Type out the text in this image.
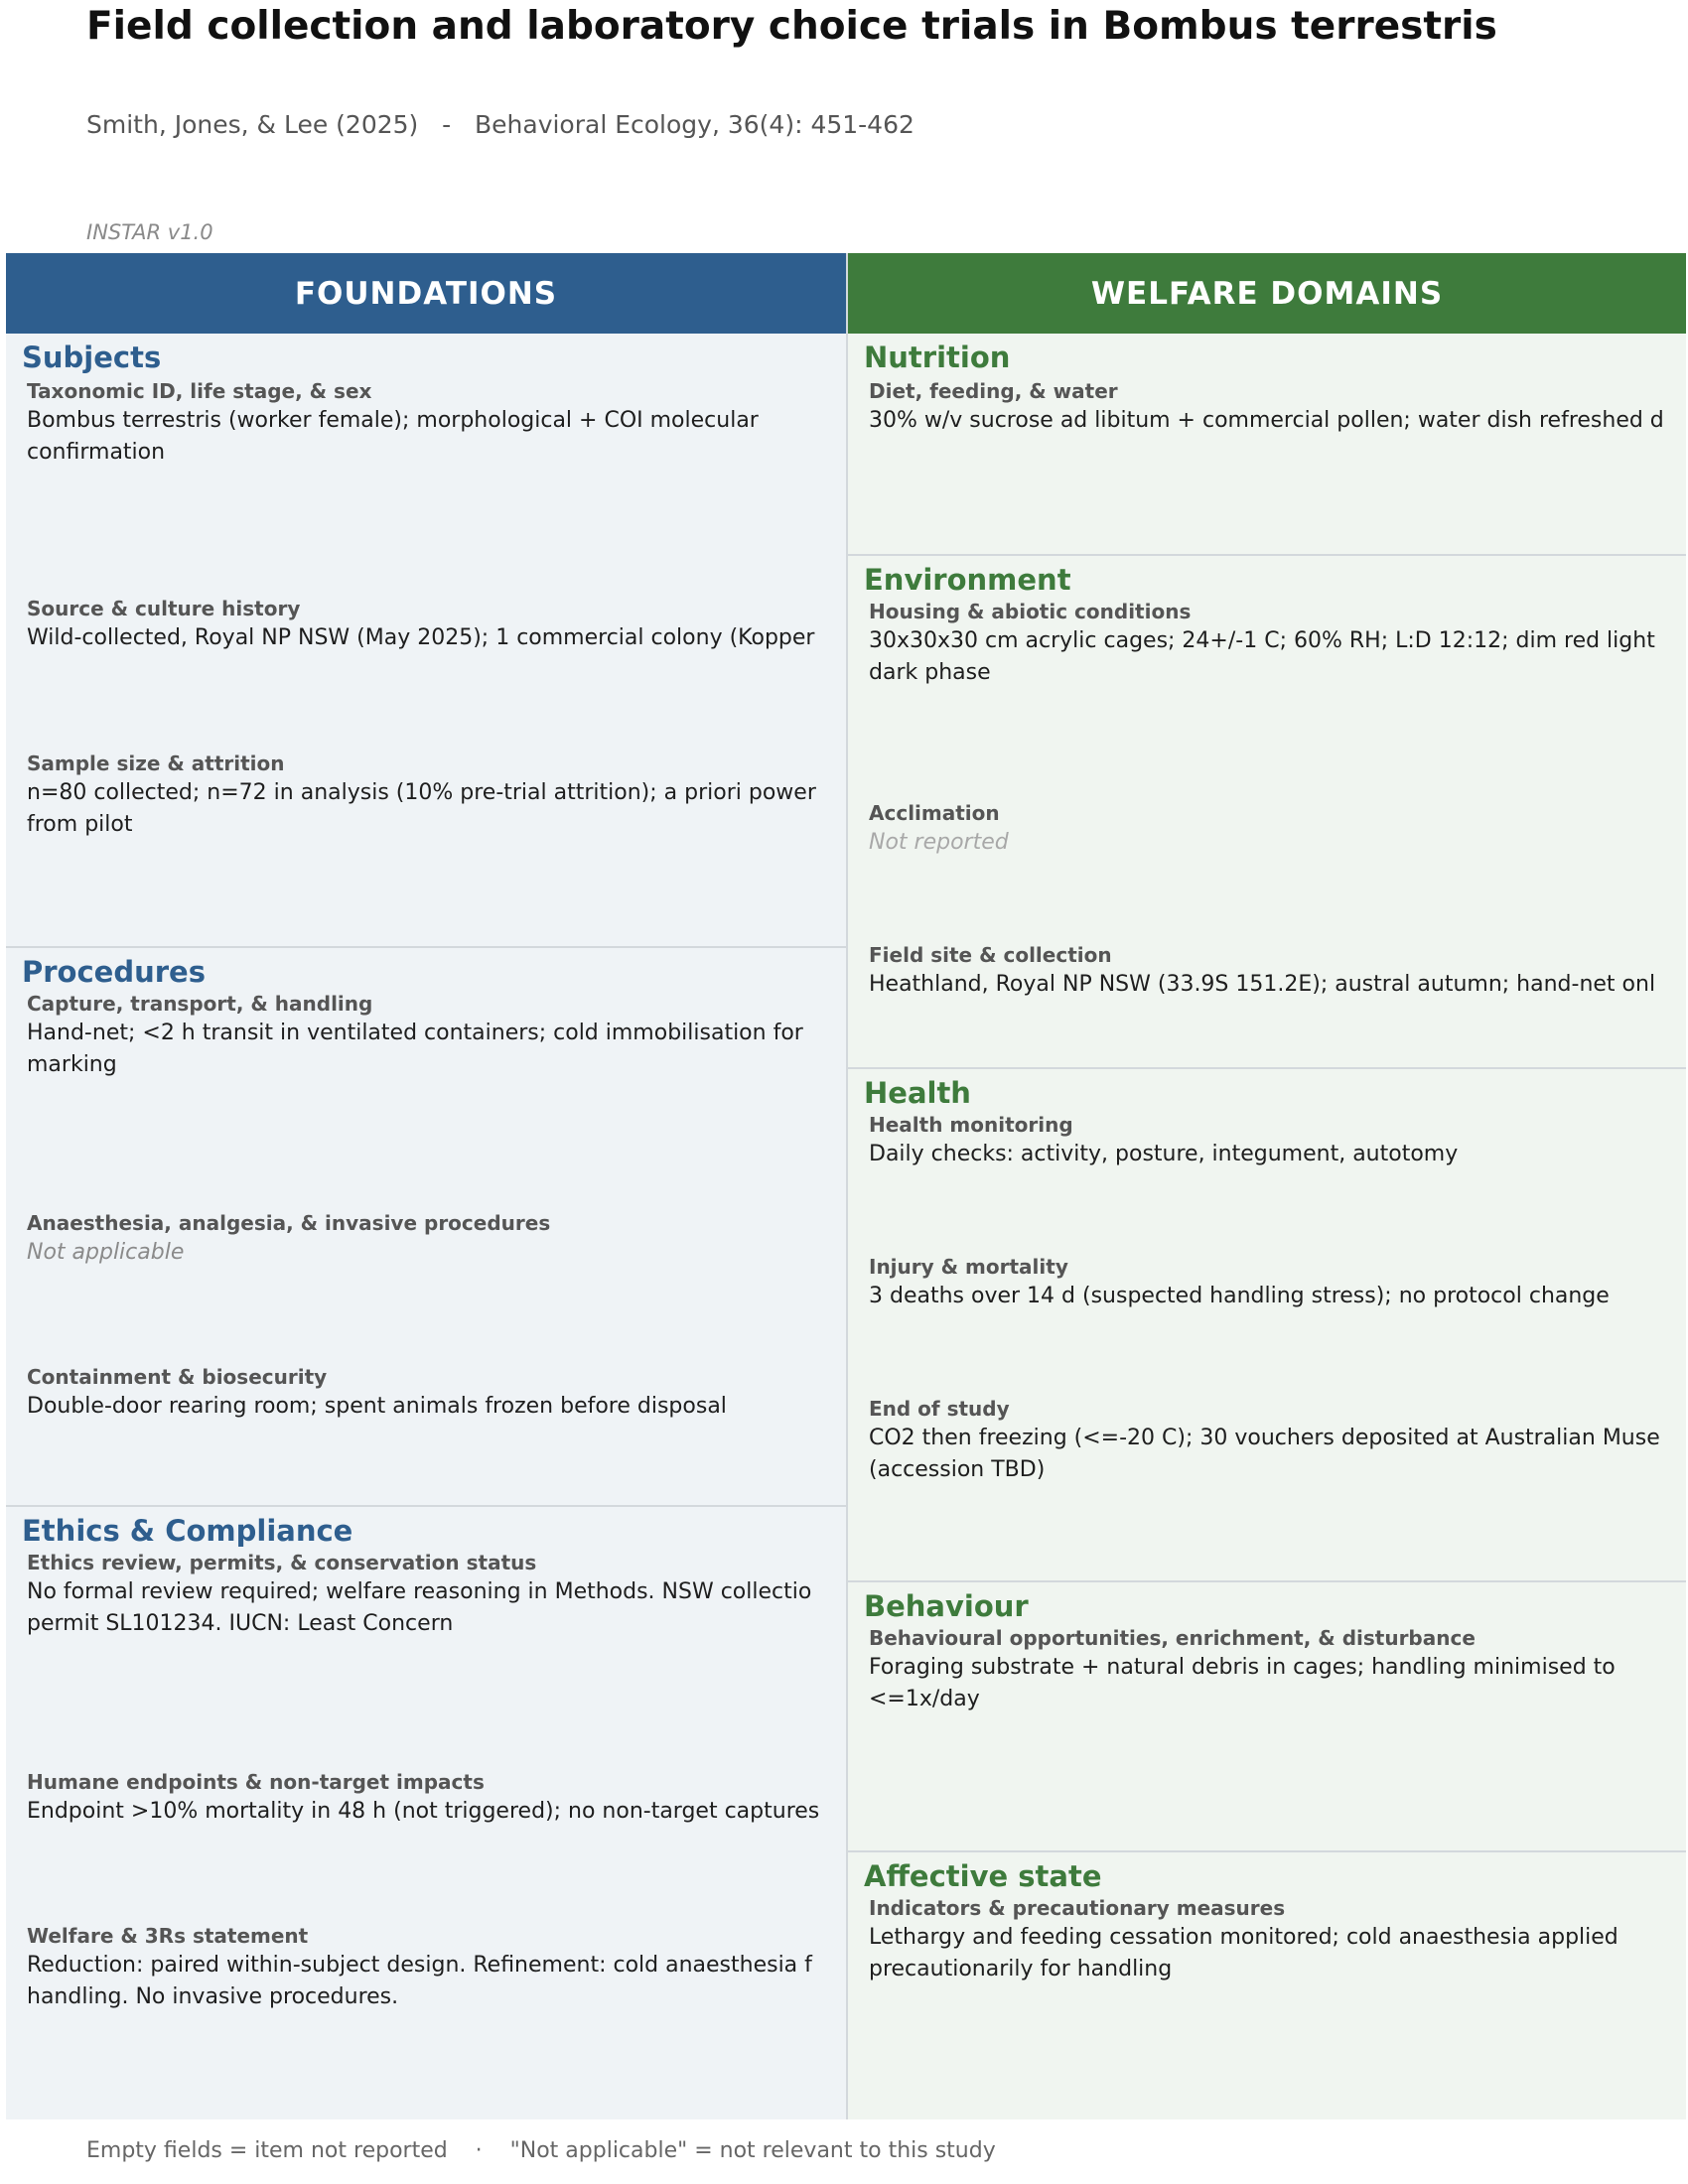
Field collection and laboratory choice trials in Bombus terrestris
Smith, Jones, & Lee (2025)   -   Behavioral Ecology, 36(4): 451-462
INSTAR v1.0
FOUNDATIONS
Subjects
Taxonomic ID, life stage, & sex
Bombus terrestris (worker female); morphological + COI molecular
confirmation
Source & culture history
Wild-collected, Royal NP NSW (May 2025); 1 commercial colony (Kopper
Sample size & attrition
n=80 collected; n=72 in analysis (10% pre-trial attrition); a priori power
from pilot
Procedures
Capture, transport, & handling
Hand-net; <2 h transit in ventilated containers; cold immobilisation for
marking
Anaesthesia, analgesia, & invasive procedures
Not applicable
Containment & biosecurity
Double-door rearing room; spent animals frozen before disposal
Ethics & Compliance
Ethics review, permits, & conservation status
No formal review required; welfare reasoning in Methods. NSW collectio
permit SL101234. IUCN: Least Concern
Humane endpoints & non-target impacts
Endpoint >10% mortality in 48 h (not triggered); no non-target captures
Welfare & 3Rs statement
Reduction: paired within-subject design. Refinement: cold anaesthesia f
handling. No invasive procedures.
WELFARE DOMAINS
Nutrition
Diet, feeding, & water
30% w/v sucrose ad libitum + commercial pollen; water dish refreshed d
Environment
Housing & abiotic conditions
30x30x30 cm acrylic cages; 24+/-1 C; 60% RH; L:D 12:12; dim red light
dark phase
Acclimation
Not reported
Field site & collection
Heathland, Royal NP NSW (33.9S 151.2E); austral autumn; hand-net onl
Health
Health monitoring
Daily checks: activity, posture, integument, autotomy
Injury & mortality
3 deaths over 14 d (suspected handling stress); no protocol change
End of study
CO2 then freezing (<=-20 C); 30 vouchers deposited at Australian Muse
(accession TBD)
Behaviour
Behavioural opportunities, enrichment, & disturbance
Foraging substrate + natural debris in cages; handling minimised to
<=1x/day
Affective state
Indicators & precautionary measures
Lethargy and feeding cessation monitored; cold anaesthesia applied
precautionarily for handling
Empty fields = item not reported    ·    "Not applicable" = not relevant to this study
